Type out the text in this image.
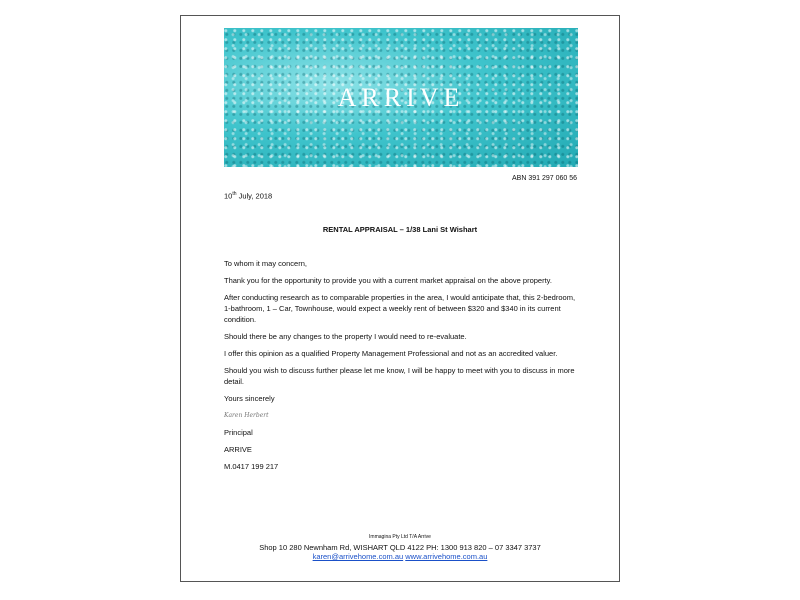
ARRIVE
ABN 391 297 060 56
10th July, 2018
RENTAL APPRAISAL – 1/38 Lani St Wishart

To whom it may concern,

Thank you for the opportunity to provide you with a current market appraisal on the above property.

After conducting research as to comparable properties in the area, I would anticipate that, this 2-bedroom, 1-bathroom, 1 – Car, Townhouse, would expect a weekly rent of between $320 and $340 in its current condition.

Should there be any changes to the property I would need to re-evaluate.

I offer this opinion as a qualified Property Management Professional and not as an accredited valuer.

Should you wish to discuss further please let me know, I will be happy to meet with you to discuss in more detail.

Yours sincerely

Karen Herbert

Principal

ARRIVE

M.0417 199 217

Immagina Pty Ltd T/A Arrive
Shop 10 280 Newnham Rd, WISHART QLD 4122 PH: 1300 913 820 – 07 3347 3737
karen@arrivehome.com.au www.arrivehome.com.au
